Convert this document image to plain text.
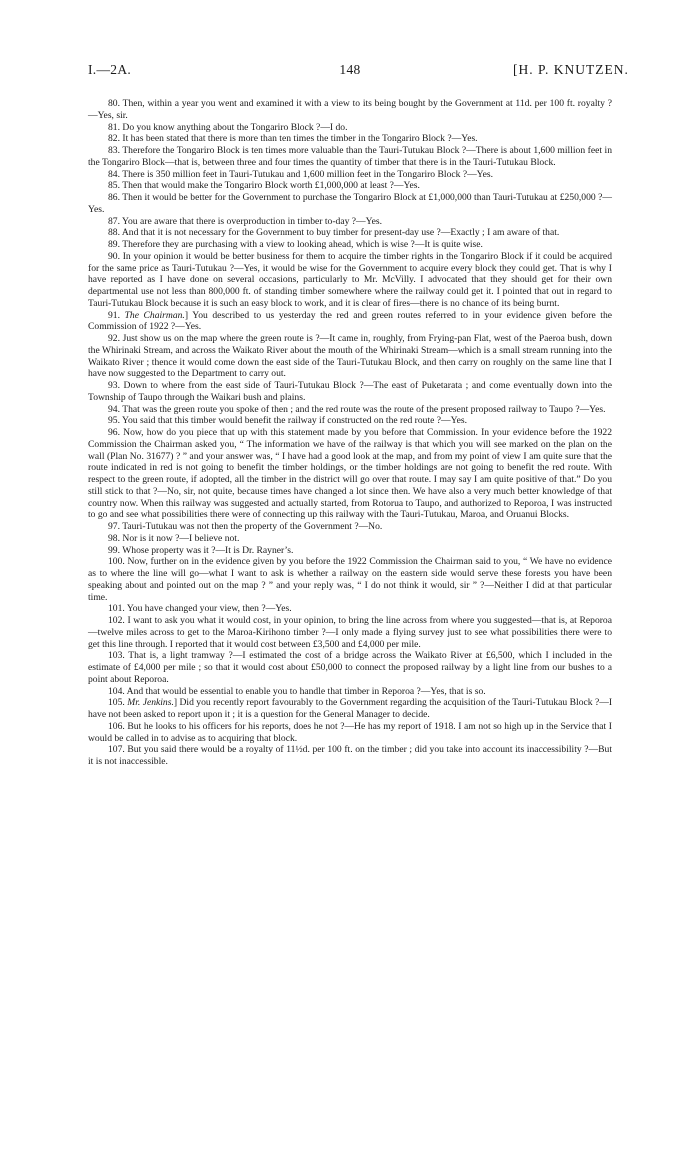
I.—2A.	148	[H. P. KNUTZEN.

80. Then, within a year you went and examined it with a view to its being bought by the Government at 11d. per 100 ft. royalty ?—Yes, sir.

81. Do you know anything about the Tongariro Block ?—I do.

82. It has been stated that there is more than ten times the timber in the Tongariro Block ?—Yes.

83. Therefore the Tongariro Block is ten times more valuable than the Tauri-Tutukau Block ?—There is about 1,600 million feet in the Tongariro Block—that is, between three and four times the quantity of timber that there is in the Tauri-Tutukau Block.

84. There is 350 million feet in Tauri-Tutukau and 1,600 million feet in the Tongariro Block ?—Yes.

85. Then that would make the Tongariro Block worth £1,000,000 at least ?—Yes.

86. Then it would be better for the Government to purchase the Tongariro Block at £1,000,000 than Tauri-Tutukau at £250,000 ?—Yes.

87. You are aware that there is overproduction in timber to-day ?—Yes.

88. And that it is not necessary for the Government to buy timber for present-day use ?—Exactly ; I am aware of that.

89. Therefore they are purchasing with a view to looking ahead, which is wise ?—It is quite wise.

90. In your opinion it would be better business for them to acquire the timber rights in the Tongariro Block if it could be acquired for the same price as Tauri-Tutukau ?—Yes, it would be wise for the Government to acquire every block they could get. That is why I have reported as I have done on several occasions, particularly to Mr. McVilly. I advocated that they should get for their own departmental use not less than 800,000 ft. of standing timber somewhere where the railway could get it. I pointed that out in regard to Tauri-Tutukau Block because it is such an easy block to work, and it is clear of fires—there is no chance of its being burnt.

91. The Chairman.] You described to us yesterday the red and green routes referred to in your evidence given before the Commission of 1922 ?—Yes.

92. Just show us on the map where the green route is ?—It came in, roughly, from Frying-pan Flat, west of the Paeroa bush, down the Whirinaki Stream, and across the Waikato River about the mouth of the Whirinaki Stream—which is a small stream running into the Waikato River ; thence it would come down the east side of the Tauri-Tutukau Block, and then carry on roughly on the same line that I have now suggested to the Department to carry out.

93. Down to where from the east side of Tauri-Tutukau Block ?—The east of Puketarata ; and come eventually down into the Township of Taupo through the Waikari bush and plains.

94. That was the green route you spoke of then ; and the red route was the route of the present proposed railway to Taupo ?—Yes.

95. You said that this timber would benefit the railway if constructed on the red route ?—Yes.

96. Now, how do you piece that up with this statement made by you before that Commission. In your evidence before the 1922 Commission the Chairman asked you, “ The information we have of the railway is that which you will see marked on the plan on the wall (Plan No. 31677) ? ” and your answer was, “ I have had a good look at the map, and from my point of view I am quite sure that the route indicated in red is not going to benefit the timber holdings, or the timber holdings are not going to benefit the red route. With respect to the green route, if adopted, all the timber in the district will go over that route. I may say I am quite positive of that.” Do you still stick to that ?—No, sir, not quite, because times have changed a lot since then. We have also a very much better knowledge of that country now. When this railway was suggested and actually started, from Rotorua to Taupo, and authorized to Reporoa, I was instructed to go and see what possibilities there were of connecting up this railway with the Tauri-Tutukau, Maroa, and Oruanui Blocks.

97. Tauri-Tutukau was not then the property of the Government ?—No.

98. Nor is it now ?—I believe not.

99. Whose property was it ?—It is Dr. Rayner’s.

100. Now, further on in the evidence given by you before the 1922 Commission the Chairman said to you, “ We have no evidence as to where the line will go—what I want to ask is whether a railway on the eastern side would serve these forests you have been speaking about and pointed out on the map ? ” and your reply was, “ I do not think it would, sir ” ?—Neither I did at that particular time.

101. You have changed your view, then ?—Yes.

102. I want to ask you what it would cost, in your opinion, to bring the line across from where you suggested—that is, at Reporoa—twelve miles across to get to the Maroa-Kirihono timber ?—I only made a flying survey just to see what possibilities there were to get this line through. I reported that it would cost between £3,500 and £4,000 per mile.

103. That is, a light tramway ?—I estimated the cost of a bridge across the Waikato River at £6,500, which I included in the estimate of £4,000 per mile ; so that it would cost about £50,000 to connect the proposed railway by a light line from our bushes to a point about Reporoa.

104. And that would be essential to enable you to handle that timber in Reporoa ?—Yes, that is so.

105. Mr. Jenkins.] Did you recently report favourably to the Government regarding the acquisition of the Tauri-Tutukau Block ?—I have not been asked to report upon it ; it is a question for the General Manager to decide.

106. But he looks to his officers for his reports, does he not ?—He has my report of 1918. I am not so high up in the Service that I would be called in to advise as to acquiring that block.

107. But you said there would be a royalty of 11½d. per 100 ft. on the timber ; did you take into account its inaccessibility ?—But it is not inaccessible.
